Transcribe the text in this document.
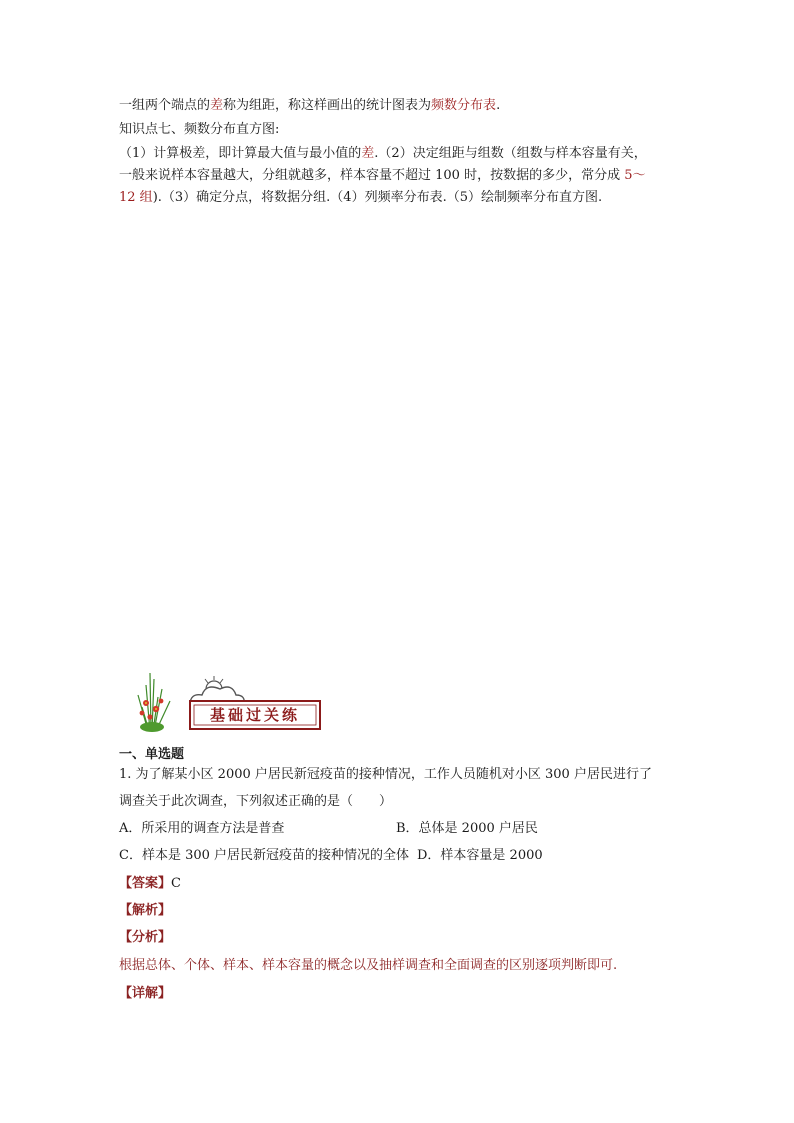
一组两个端点的差称为组距，称这样画出的统计图表为频数分布表.
知识点七、频数分布直方图:
（1）计算极差，即计算最大值与最小值的差.（2）决定组距与组数（组数与样本容量有关，
一般来说样本容量越大，分组就越多，样本容量不超过 100 时，按数据的多少，常分成 5～
12 组).（3）确定分点，将数据分组.（4）列频率分布表.（5）绘制频率分布直方图.
基础过关练
一、单选题
1. 为了解某小区 2000 户居民新冠疫苗的接种情况，工作人员随机对小区 300 户居民进行了
调查关于此次调查，下列叙述正确的是（　　）
A．所采用的调查方法是普查	B．总体是 2000 户居民
C．样本是 300 户居民新冠疫苗的接种情况的全体 D．样本容量是 2000
【答案】C
【解析】
【分析】
根据总体、个体、样本、样本容量的概念以及抽样调查和全面调查的区别逐项判断即可.
【详解】
